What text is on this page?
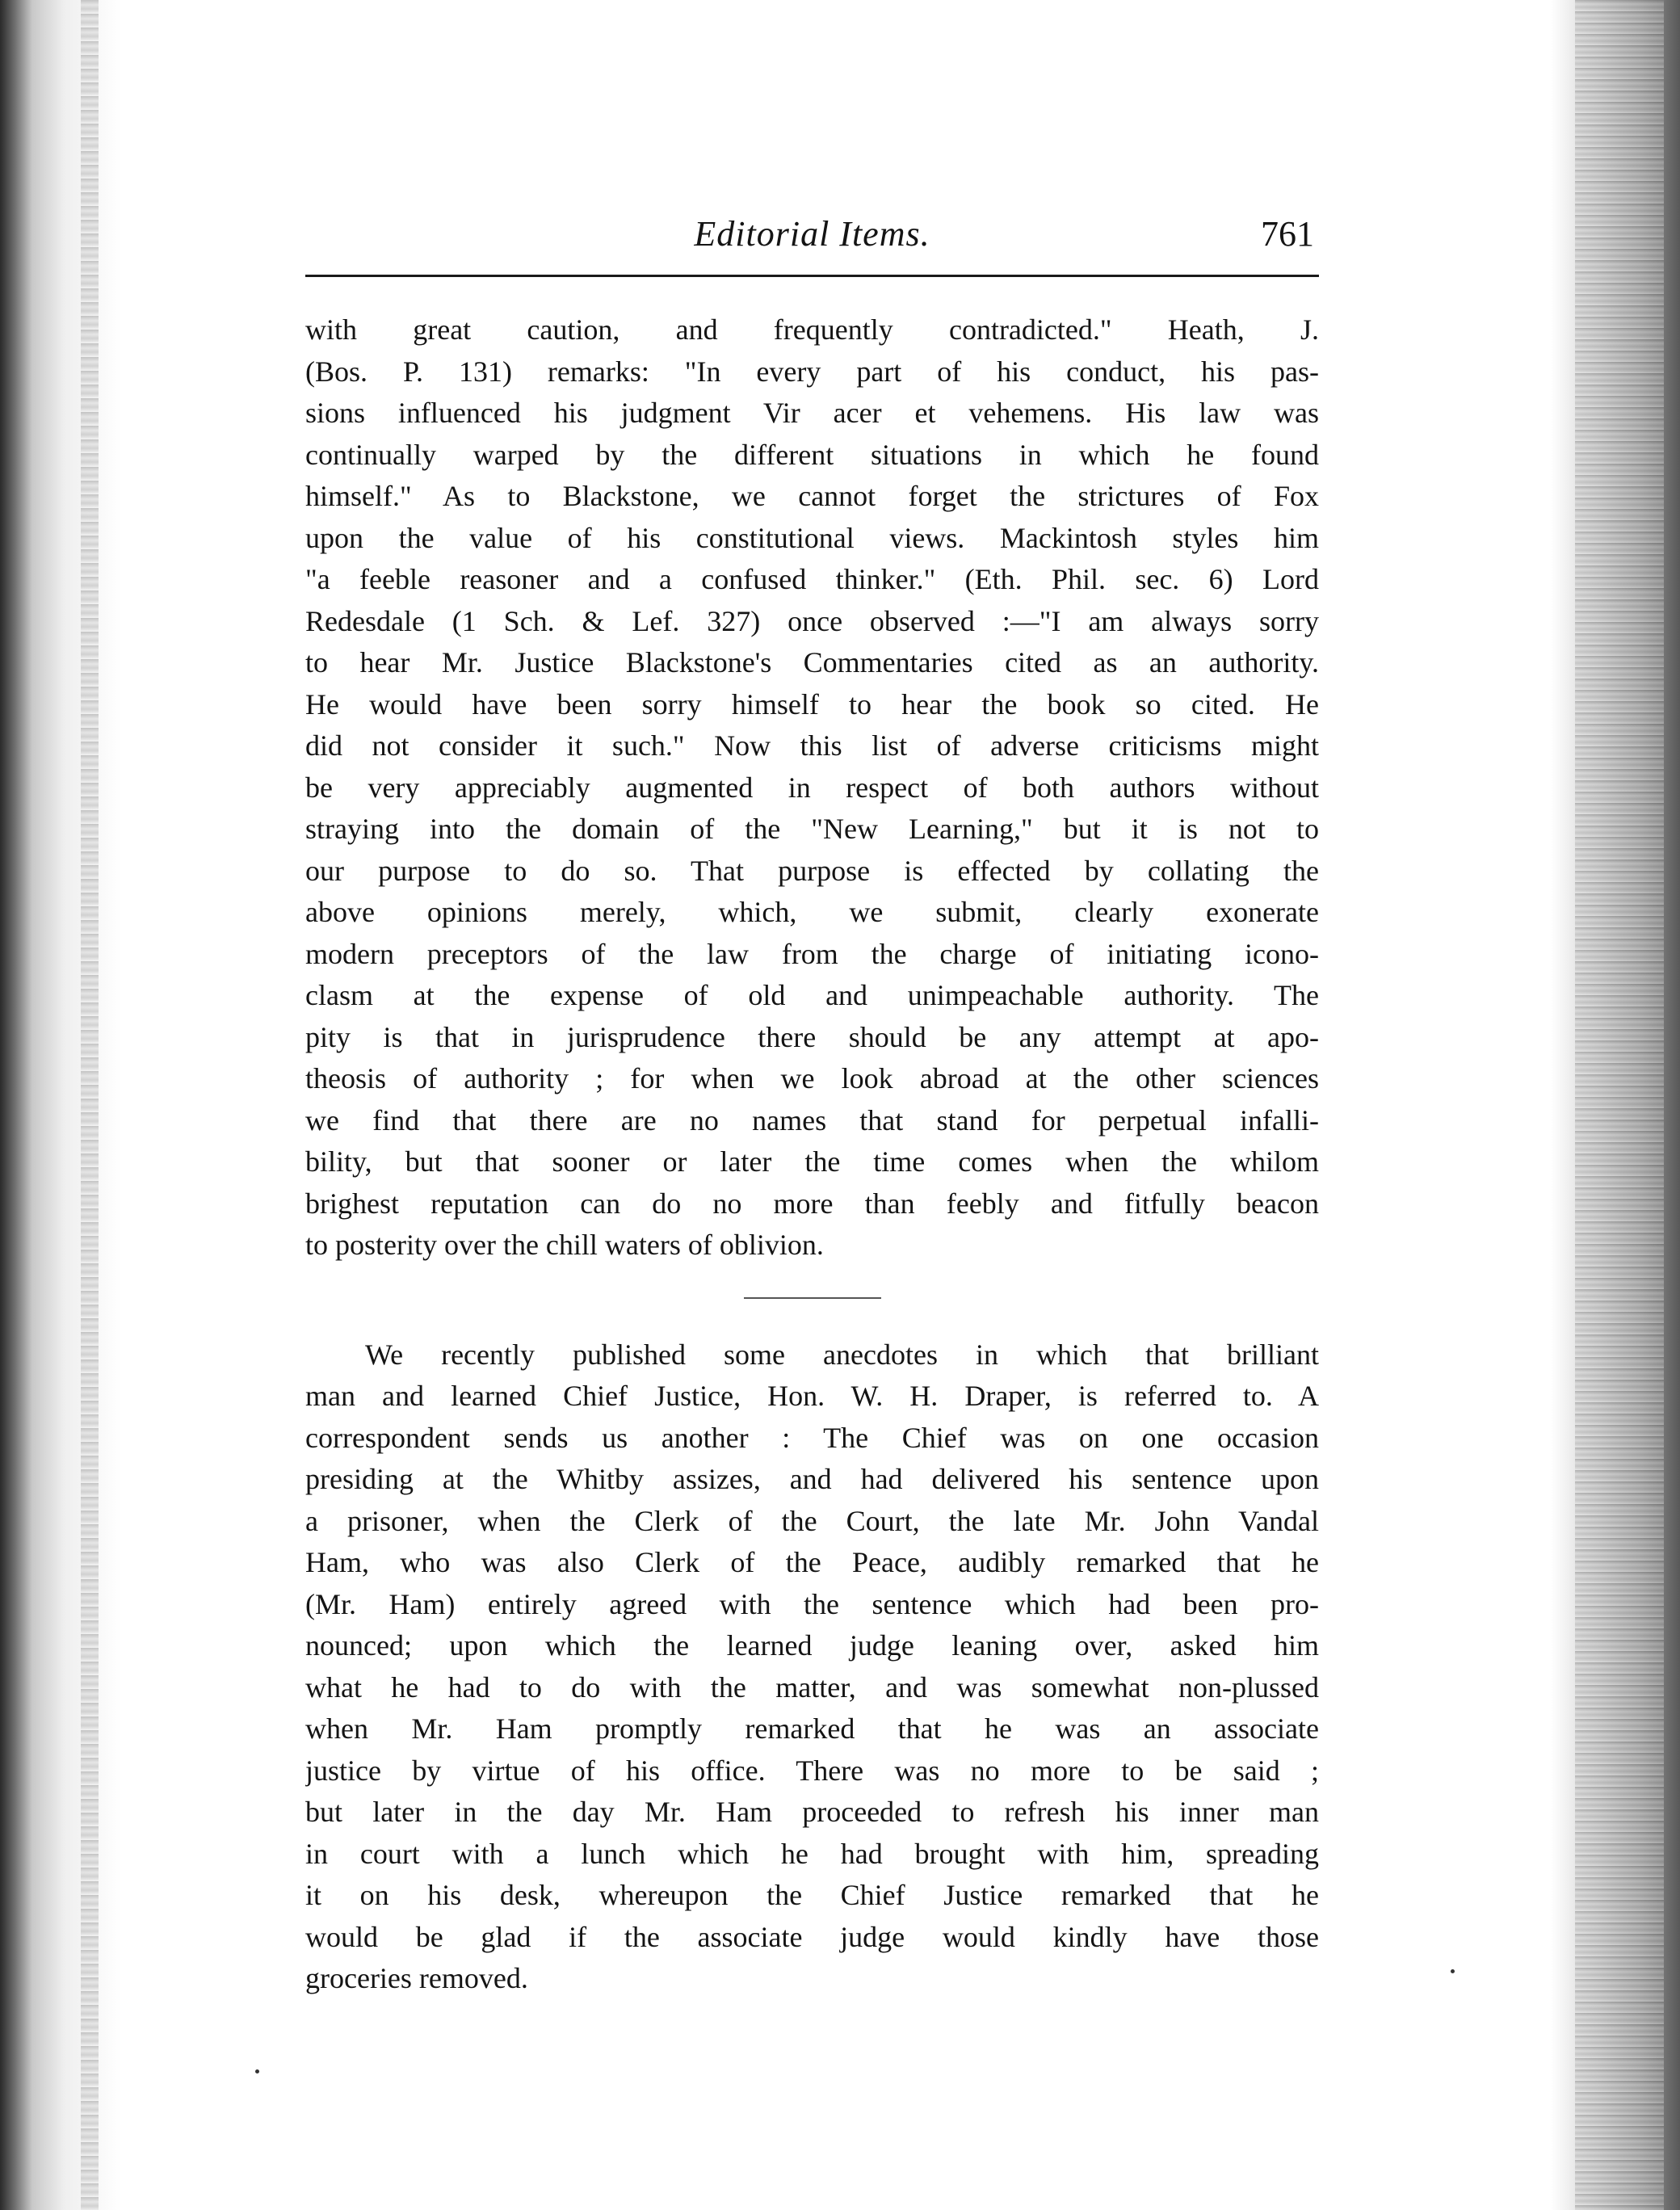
Editorial Items.	761
with great caution, and frequently contradicted." Heath, J.
(Bos. P. 131) remarks: "In every part of his conduct, his pas-
sions influenced his judgment Vir acer et vehemens. His law was
continually warped by the different situations in which he found
himself." As to Blackstone, we cannot forget the strictures of Fox
upon the value of his constitutional views. Mackintosh styles him
"a feeble reasoner and a confused thinker." (Eth. Phil. sec. 6) Lord
Redesdale (1 Sch. & Lef. 327) once observed :—"I am always sorry
to hear Mr. Justice Blackstone's Commentaries cited as an authority.
He would have been sorry himself to hear the book so cited. He
did not consider it such." Now this list of adverse criticisms might
be very appreciably augmented in respect of both authors without
straying into the domain of the "New Learning," but it is not to
our purpose to do so. That purpose is effected by collating the
above opinions merely, which, we submit, clearly exonerate
modern preceptors of the law from the charge of initiating icono-
clasm at the expense of old and unimpeachable authority. The
pity is that in jurisprudence there should be any attempt at apo-
theosis of authority ; for when we look abroad at the other sciences
we find that there are no names that stand for perpetual infalli-
bility, but that sooner or later the time comes when the whilom
brighest reputation can do no more than feebly and fitfully beacon
to posterity over the chill waters of oblivion.
We recently published some anecdotes in which that brilliant
man and learned Chief Justice, Hon. W. H. Draper, is referred to. A
correspondent sends us another : The Chief was on one occasion
presiding at the Whitby assizes, and had delivered his sentence upon
a prisoner, when the Clerk of the Court, the late Mr. John Vandal
Ham, who was also Clerk of the Peace, audibly remarked that he
(Mr. Ham) entirely agreed with the sentence which had been pro-
nounced; upon which the learned judge leaning over, asked him
what he had to do with the matter, and was somewhat non-plussed
when Mr. Ham promptly remarked that he was an associate
justice by virtue of his office. There was no more to be said ;
but later in the day Mr. Ham proceeded to refresh his inner man
in court with a lunch which he had brought with him, spreading
it on his desk, whereupon the Chief Justice remarked that he
would be glad if the associate judge would kindly have those
groceries removed.
